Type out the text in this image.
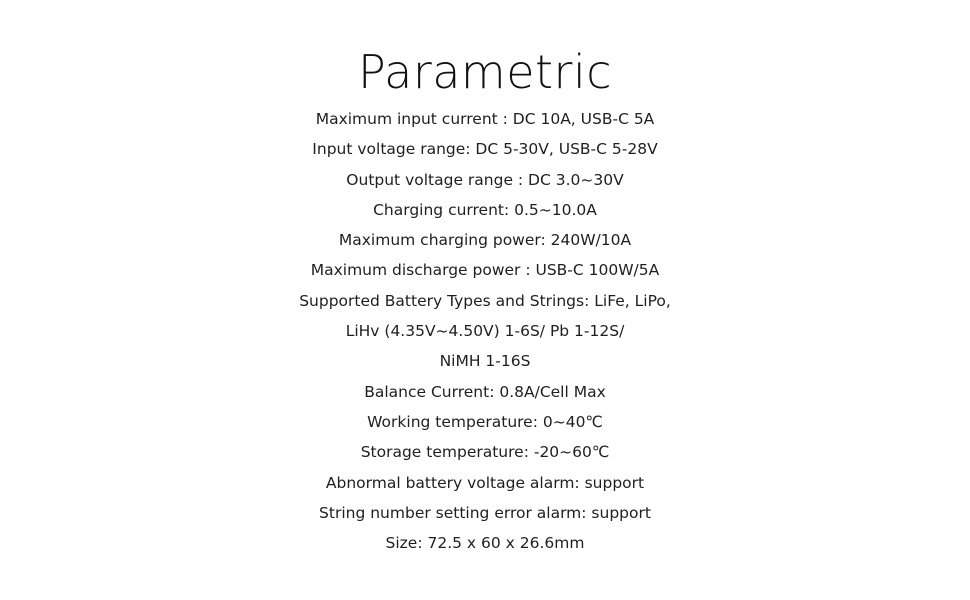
Parametric
Maximum input current : DC 10A, USB-C 5A
Input voltage range: DC 5-30V, USB-C 5-28V
Output voltage range : DC 3.0~30V
Charging current: 0.5~10.0A
Maximum charging power: 240W/10A
Maximum discharge power : USB-C 100W/5A
Supported Battery Types and Strings: LiFe, LiPo,
LiHv (4.35V~4.50V) 1-6S/ Pb 1-12S/
NiMH 1-16S
Balance Current: 0.8A/Cell Max
Working temperature: 0~40℃
Storage temperature: -20~60℃
Abnormal battery voltage alarm: support
String number setting error alarm: support
Size: 72.5 x 60 x 26.6mm
